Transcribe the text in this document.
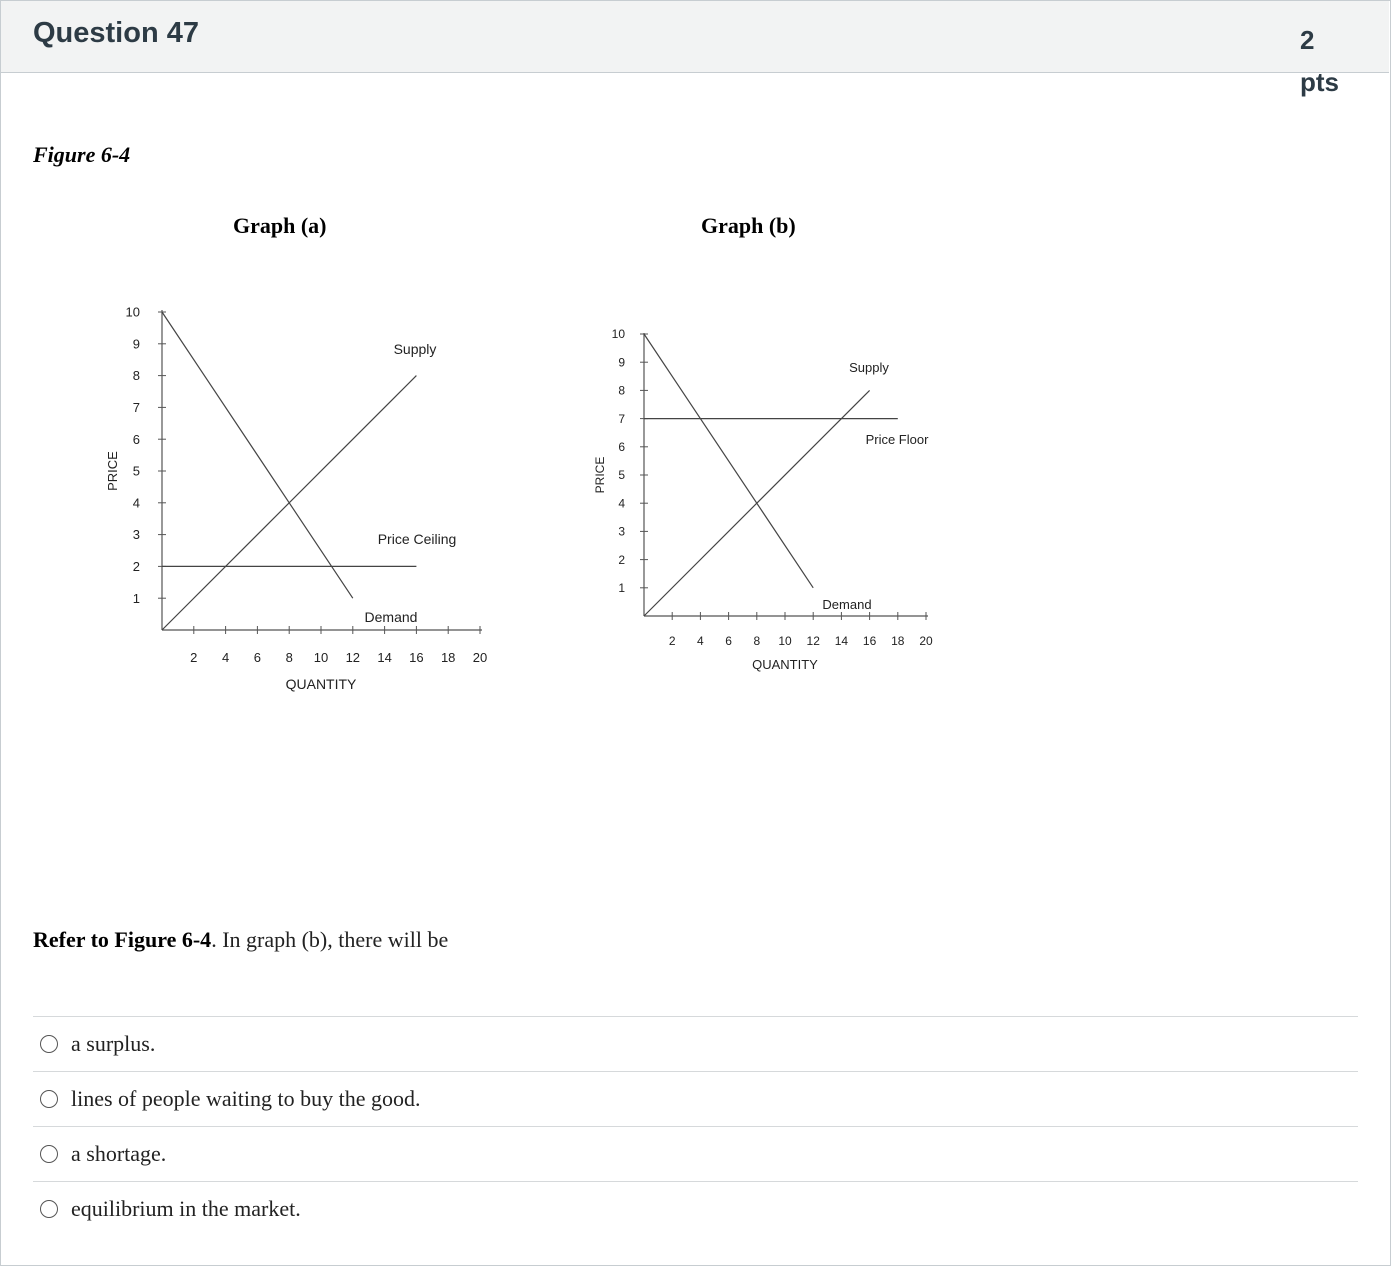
Question 47	2 pts
Figure 6-4
Graph (a)	Graph (b)
2 4 6 8 10 12 14 16 18 20
1
2
3
4
5
6
7
8
9
10
QUANTITY
PRICE
Supply
Demand
Price Ceiling
2 4 6 8 10 12 14 16 18 20
1
2
3
4
5
6
7
8
9
10
QUANTITY
PRICE
Supply
Demand
Price Floor
Refer to Figure 6-4. In graph (b), there will be
a surplus.
lines of people waiting to buy the good.
a shortage.
equilibrium in the market.
